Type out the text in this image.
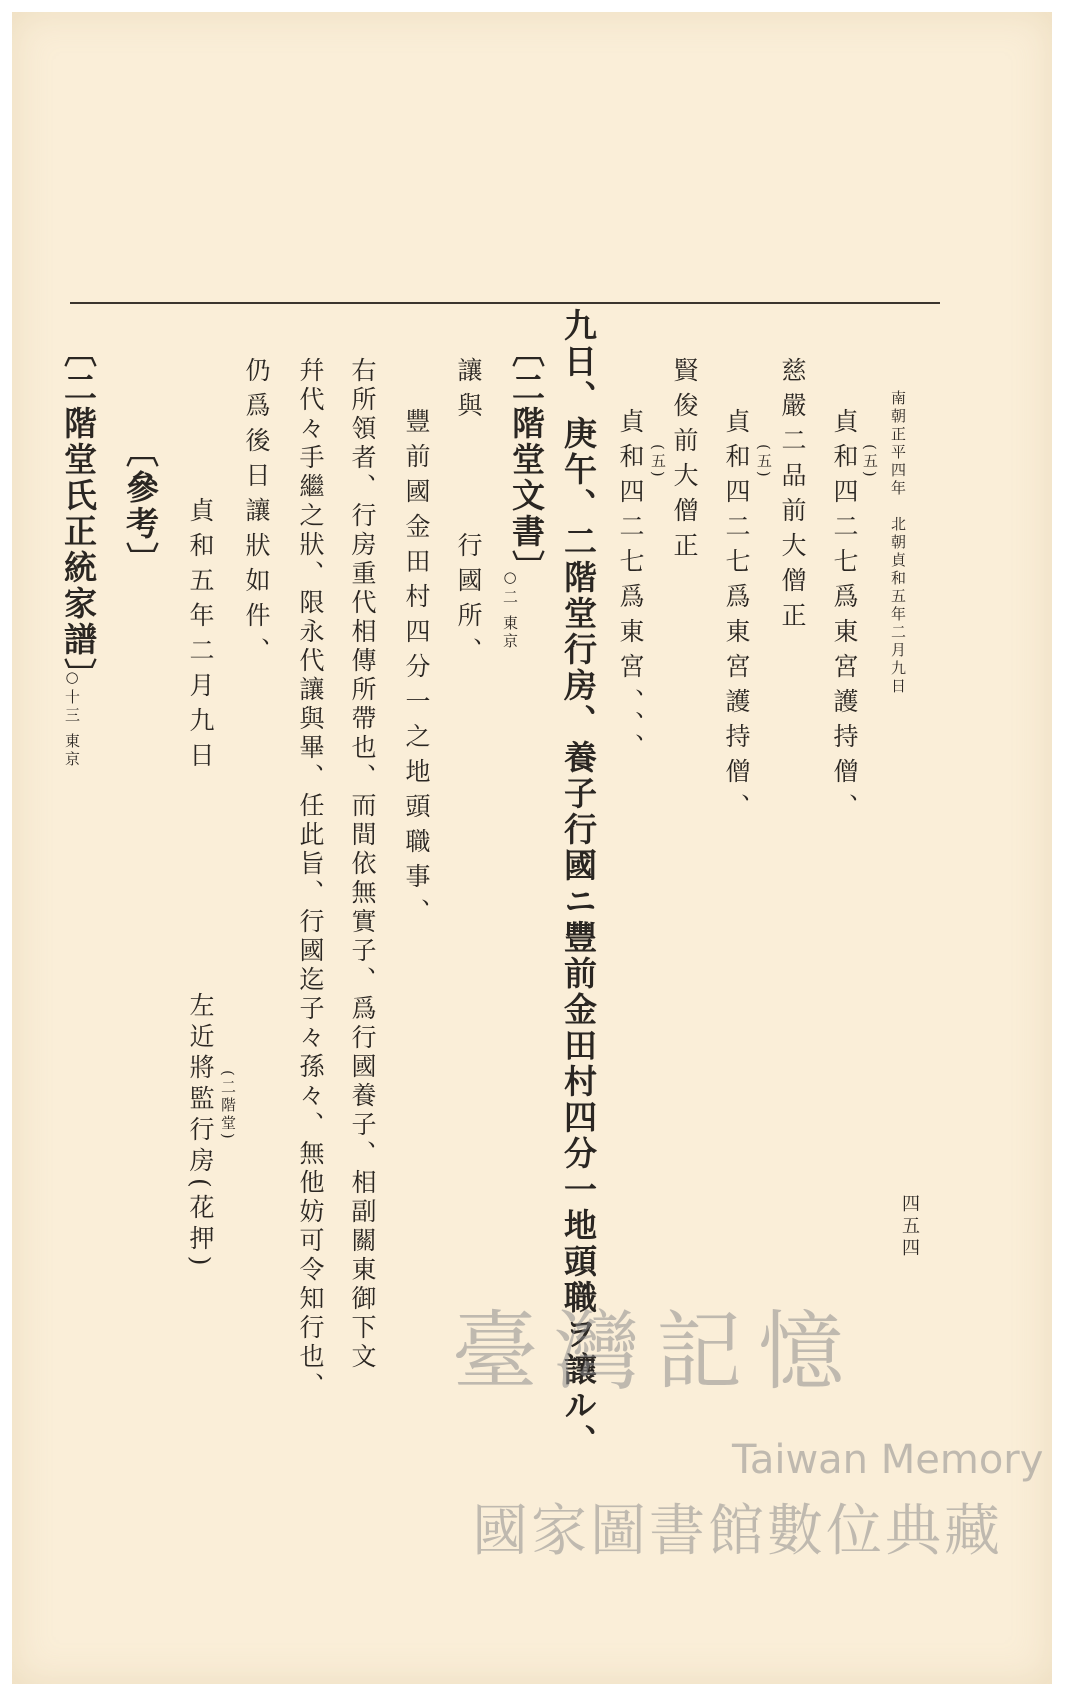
南朝正平四年　北朝貞和五年二月九日
四五四
(五)
貞和四二七爲東宮護持僧、
慈嚴二品前大僧正
(五)
貞和四二七爲東宮護持僧、
賢俊前大僧正
(五)
貞和四二七爲東宮、、、
九日、庚午、二階堂行房、養子行國ニ豐前金田村四分一地頭職ヲ讓ル、
〔二階堂文書〕
○二 東京
讓與
行國所、
豐前國金田村四分一之地頭職事、
右所領者、行房重代相傳所帶也、而間依無實子、爲行國養子、相副關東御下文
幷代々手繼之狀、限永代讓與畢、任此旨、行國迄子々孫々、無他妨可令知行也、
仍爲後日讓狀如件、
貞和五年二月九日
(二階堂)
左近將監行房(花押)
〔參考〕
〔二階堂氏正統家譜〕
○十三 東京
臺灣記憶
Taiwan Memory
國家圖書館數位典藏
